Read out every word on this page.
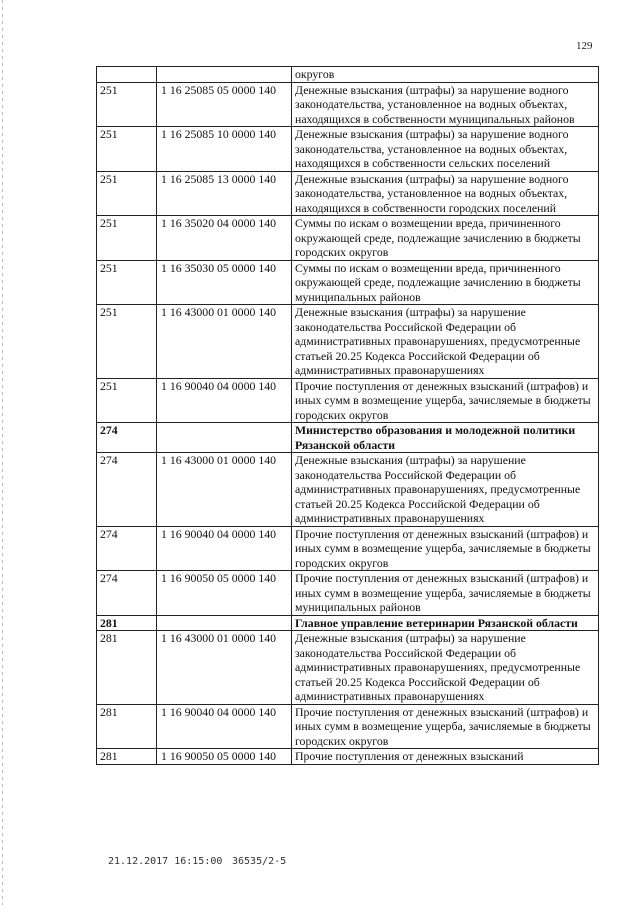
129
		округов
251	1 16 25085 05 0000 140	Денежные взыскания (штрафы) за нарушение водного законодательства, установленное на водных объектах, находящихся в собственности муниципальных районов
251	1 16 25085 10 0000 140	Денежные взыскания (штрафы) за нарушение водного законодательства, установленное на водных объектах, находящихся в собственности сельских поселений
251	1 16 25085 13 0000 140	Денежные взыскания (штрафы) за нарушение водного законодательства, установленное на водных объектах, находящихся в собственности городских поселений
251	1 16 35020 04 0000 140	Суммы по искам о возмещении вреда, причиненного окружающей среде, подлежащие зачислению в бюджеты городских округов
251	1 16 35030 05 0000 140	Суммы по искам о возмещении вреда, причиненного окружающей среде, подлежащие зачислению в бюджеты муниципальных районов
251	1 16 43000 01 0000 140	Денежные взыскания (штрафы) за нарушение законодательства Российской Федерации об административных правонарушениях, предусмотренные статьей 20.25 Кодекса Российской Федерации об административных правонарушениях
251	1 16 90040 04 0000 140	Прочие поступления от денежных взысканий (штрафов) и иных сумм в возмещение ущерба, зачисляемые в бюджеты городских округов
274		Министерство образования и молодежной политики Рязанской области
274	1 16 43000 01 0000 140	Денежные взыскания (штрафы) за нарушение законодательства Российской Федерации об административных правонарушениях, предусмотренные статьей 20.25 Кодекса Российской Федерации об административных правонарушениях
274	1 16 90040 04 0000 140	Прочие поступления от денежных взысканий (штрафов) и иных сумм в возмещение ущерба, зачисляемые в бюджеты городских округов
274	1 16 90050 05 0000 140	Прочие поступления от денежных взысканий (штрафов) и иных сумм в возмещение ущерба, зачисляемые в бюджеты муниципальных районов
281		Главное управление ветеринарии Рязанской области
281	1 16 43000 01 0000 140	Денежные взыскания (штрафы) за нарушение законодательства Российской Федерации об административных правонарушениях, предусмотренные статьей 20.25 Кодекса Российской Федерации об административных правонарушениях
281	1 16 90040 04 0000 140	Прочие поступления от денежных взысканий (штрафов) и иных сумм в возмещение ущерба, зачисляемые в бюджеты городских округов
281	1 16 90050 05 0000 140	Прочие поступления от денежных взысканий
21.12.2017 16:15:00 36535/2-5
